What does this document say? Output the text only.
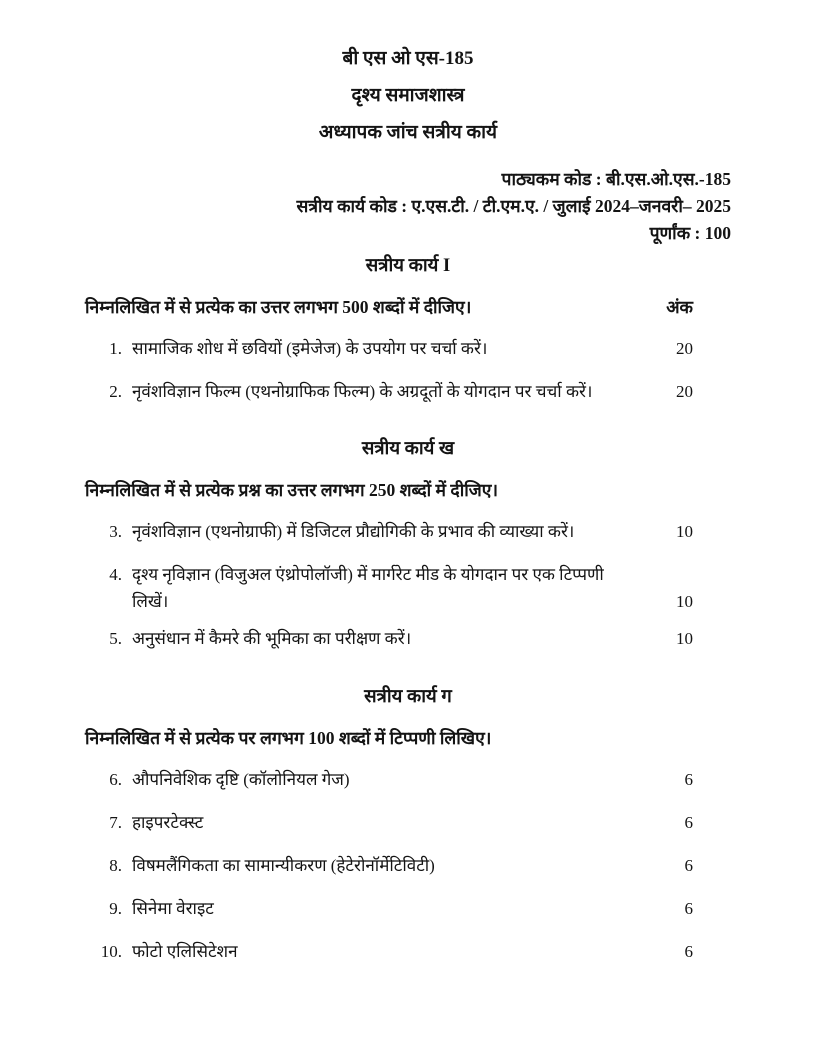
बी एस ओ एस-185
दृश्य समाजशास्त्र
अध्यापक जांच सत्रीय कार्य
पाठ्यकम कोड : बी.एस.ओ.एस.-185
सत्रीय कार्य कोड : ए.एस.टी. / टी.एम.ए. / जुलाई 2024–जनवरी– 2025
पूर्णांक : 100
सत्रीय कार्य I
निम्नलिखित में से प्रत्येक का उत्तर लगभग 500 शब्दों में दीजिए।	अंक
1. सामाजिक शोध में छवियों (इमेजेज) के उपयोग पर चर्चा करें।	20
2. नृवंशविज्ञान फिल्म (एथनोग्राफिक फिल्म) के अग्रदूतों के योगदान पर चर्चा करें।	20
सत्रीय कार्य ख
निम्नलिखित में से प्रत्येक प्रश्न का उत्तर लगभग 250 शब्दों में दीजिए।
3. नृवंशविज्ञान (एथनोग्राफी) में डिजिटल प्रौद्योगिकी के प्रभाव की व्याख्या करें।	10
4. दृश्य नृविज्ञान (विजुअल एंथ्रोपोलॉजी) में मार्गरेट मीड के योगदान पर एक टिप्पणी लिखें।	10
5. अनुसंधान में कैमरे की भूमिका का परीक्षण करें।	10
सत्रीय कार्य ग
निम्नलिखित में से प्रत्येक पर लगभग 100 शब्दों में टिप्पणी लिखिए।
6. औपनिवेशिक दृष्टि (कॉलोनियल गेज)	6
7. हाइपरटेक्स्ट	6
8. विषमलैंगिकता का सामान्यीकरण (हेटेरोनॉर्मेटिविटी)	6
9. सिनेमा वेराइट	6
10. फोटो एलिसिटेशन	6
